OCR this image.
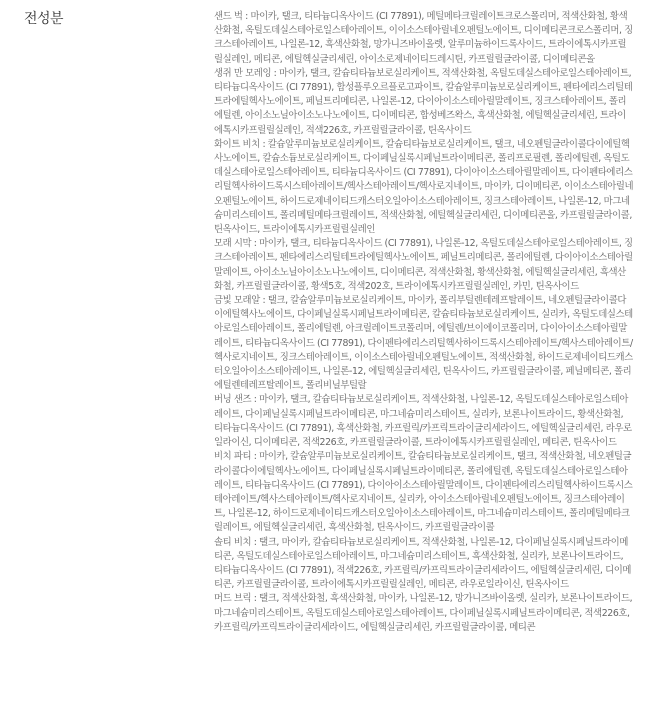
전성분	샌드 벅 : 마이카, 탤크, 티타늄디옥사이드 (CI 77891), 메틸메타크릴레이트크로스폴리머, 적색산화철, 황색산화철, 옥틸도데실스테아로일스테아레이트, 이이소스테아릴네오펜틸노에이트, 디이메티콘크로스폴리머, 징크스테아레이트, 나일론-12, 흑색산화철, 망가니즈바이올렛, 알루미늄하이드록사이드, 트라이에톡시카프릴릴실레인, 메티콘, 에틸헥실글리세린, 아이소로제네이티드레시틴, 카프릴릴글라이콜, 디이메티콘올

생쥐 만 모레잉 : 마이카, 탤크, 칼슘티타늄보로실리케이트, 적색산화철, 옥틸도데실스테아로일스테아레이트, 티타늄디옥사이드 (CI 77891), 합성플루오르플로고파이트, 칼슘알루미늄보로실리케이트, 펜타에리스리틸테트라에틸헥사노에이트, 페닐트리메티콘, 나일론-12, 다이아이소스테아릴말레이트, 징크스테아레이트, 폴리에틸렌, 아이소노닐아이소노나노에이트, 디이메티콘, 합성베즈왁스, 흑색산화철, 에틸헥실글리세린, 트라이에톡시카프릴릴실레인, 적색226호, 카프릴릴글라이콜, 틴옥사이드

화이트 비치 : 칼슘알루미늄보로실리케이트, 칼슘티타늄보로실리케이트, 탤크, 네오펜틸글라이콜다이에틸헥사노에이트, 칼슘소듐보로실리케이트, 다이페닐실록시페닐트라이메티콘, 폴리프로필렌, 폴리에틸렌, 옥틸도데실스테아로일스테아레이트, 티타늄디옥사이드 (CI 77891), 다이아이소스테아릴말레이트, 다이펜타에리스리틸헥사하이드록시스테아레이트/헥사스테아레이트/헥사로지네이트, 마이카, 디이메티콘, 이이소스테아릴네오펜틸노에이트, 하이드로제네이티드캐스터오일아이소스테아레이트, 징크스테아레이트, 나일론-12, 마그네슘미리스테이트, 폴리메틸메타크릴레이트, 적색산화철, 에틸헥실글리세린, 디이메티콘올, 카프릴릴글라이콜, 틴옥사이드, 트라이에톡시카프릴릴실레인

모래 시막 : 마이카, 탤크, 티타늄디옥사이드 (CI 77891), 나일론-12, 옥틸도데실스테아로일스테아레이트, 징크스테아레이트, 펜타에리스리틸테트라에틸헥사노에이트, 페닐트리메티콘, 폴리에틸렌, 다이아이소스테아릴말레이트, 아이소노닐아이소노나노에이트, 디이메티콘, 적색산화철, 황색산화철, 에틸헥실글리세린, 흑색산화철, 카프릴릴글라이콜, 황색5호, 적색202호, 트라이에톡시카프릴릴실레인, 카민, 틴옥사이드

금빛 모래알 : 탤크, 칼슘알루미늄보로실리케이트, 마이카, 폴리부틸렌테레프탈레이트, 네오펜틸글라이콜다이에틸헥사노에이트, 다이페닐실록시페닐트라이메티콘, 칼슘티타늄보로실리케이트, 실리카, 옥틸도데실스테아로일스테아레이트, 폴리에틸렌, 아크릴레이트코폴리머, 에틸렌/브이에이코폴리머, 다이아이소스테아릴말레이트, 티타늄디옥사이드 (CI 77891), 다이펜타에리스리틸헥사하이드록시스테아레이트/헥사스테아레이트/헥사로지네이트, 징크스테아레이트, 이이소스테아릴네오펜틸노에이트, 적색산화철, 하이드로제네이티드캐스터오일아이소스테아레이트, 나일론-12, 에틸헥실글리세린, 틴옥사이드, 카프릴릴글라이콜, 페닐메티콘, 폴리에틸렌테레프탈레이트, 폴리비닐부틸랄

버닝 샌즈 : 마이카, 탤크, 칼슘티타늄보로실리케이트, 적색산화철, 나일론-12, 옥틸도데실스테아로일스테아레이트, 다이페닐실록시페닐트라이메티콘, 마그네슘미리스테이트, 실리카, 보론나이트라이드, 황색산화철, 티타늄디옥사이드 (CI 77891), 흑색산화철, 카프릴릭/카프릭트라이글리세라이드, 에틸헥실글리세린, 라우로일라이신, 디이메티콘, 적색226호, 카프릴릴글라이콜, 트라이에톡시카프릴릴실레인, 메티콘, 틴옥사이드

비치 파티 : 마이카, 칼슘알루미늄보로실리케이트, 칼슘티타늄보로실리케이트, 탤크, 적색산화철, 네오펜틸글라이콜다이에틸헥사노에이트, 다이페닐실록시페닐트라이메티콘, 폴리에틸렌, 옥틸도데실스테아로일스테아레이트, 티타늄디옥사이드 (CI 77891), 다이아이소스테아릴말레이트, 다이펜타에리스리틸헥사하이드록시스테아레이트/헥사스테아레이트/헥사로지네이트, 실리카, 아이소스테아릴네오펜틸노에이트, 징크스테아레이트, 나일론-12, 하이드로제네이티드캐스터오일아이소스테아레이트, 마그네슘미리스테이트, 폴리메틸메타크릴레이트, 에틸헥실글리세린, 흑색산화철, 틴옥사이드, 카프릴릴글라이콜

솔티 비치 : 탤크, 마이카, 칼슘티타늄보로실리케이트, 적색산화철, 나일론-12, 다이페닐실록시페닐트라이메티콘, 옥틸도데실스테아로일스테아레이트, 마그네슘미리스테이트, 흑색산화철, 실리카, 보론나이트라이드, 티타늄디옥사이드 (CI 77891), 적색226호, 카프릴릭/카프릭트라이글리세라이드, 에틸헥실글리세린, 디이메티콘, 카프릴릴글라이콜, 트라이에톡시카프릴릴실레인, 메티콘, 라우로일라이신, 틴옥사이드

머드 브릭 : 탤크, 적색산화철, 흑색산화철, 마이카, 나일론-12, 망가니즈바이올렛, 실리카, 보론나이트라이드, 마그네슘미리스테이트, 옥틸도데실스테아로일스테아레이트, 다이페닐실록시페닐트라이메티콘, 적색226호, 카프릴릭/카프릭트라이글리세라이드, 에틸헥실글리세린, 카프릴릴글라이콜, 메티콘
